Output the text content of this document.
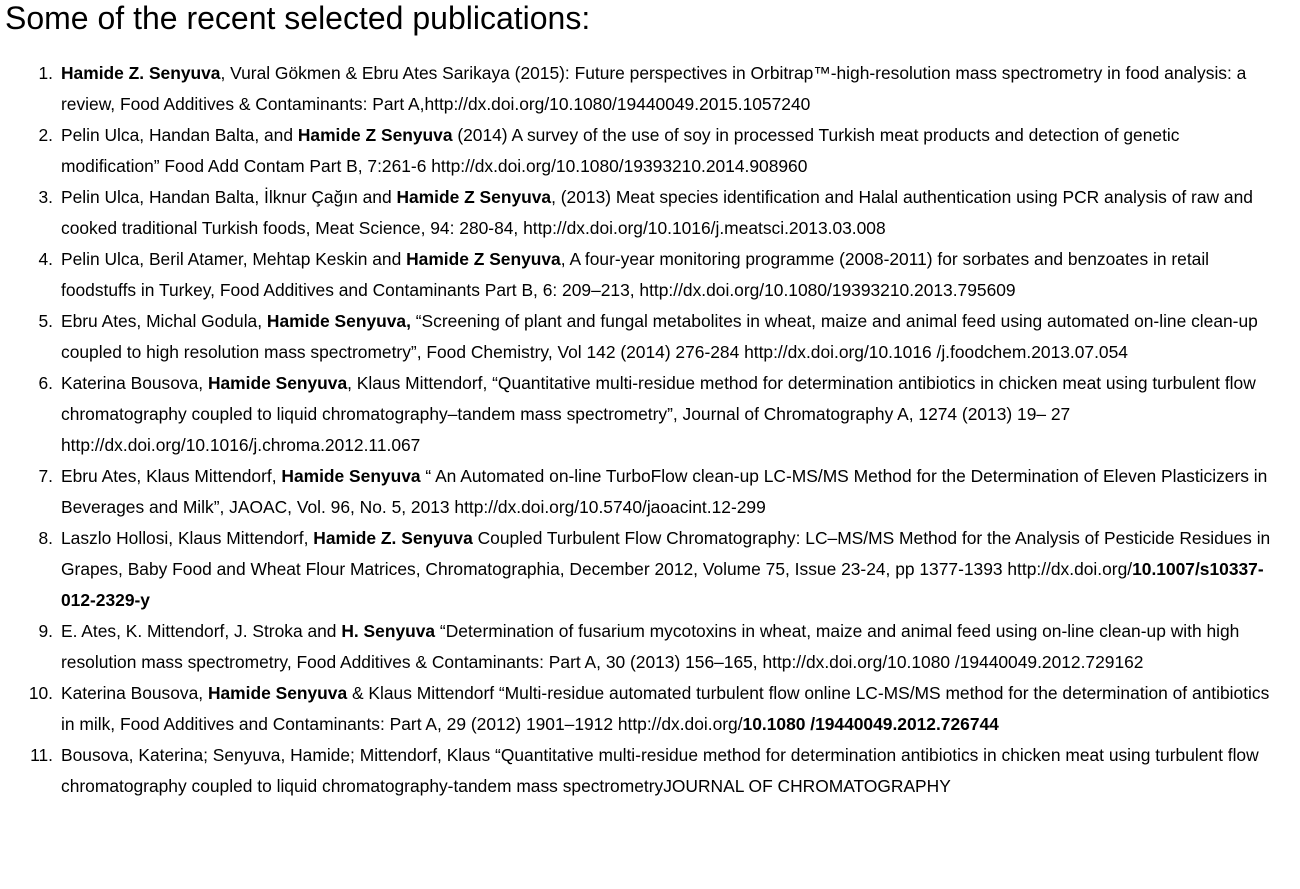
Some of the recent selected publications:
1. Hamide Z. Senyuva, Vural Gökmen & Ebru Ates Sarikaya (2015): Future perspectives in Orbitrap™-high-resolution mass spectrometry in food analysis: a review, Food Additives & Contaminants: Part A,http://dx.doi.org/10.1080/19440049.2015.1057240
2. Pelin Ulca, Handan Balta, and Hamide Z Senyuva (2014) A survey of the use of soy in processed Turkish meat products and detection of genetic modification” Food Add Contam Part B, 7:261-6 http://dx.doi.org/10.1080/19393210.2014.908960
3. Pelin Ulca, Handan Balta, İlknur Çağın and Hamide Z Senyuva, (2013) Meat species identification and Halal authentication using PCR analysis of raw and cooked traditional Turkish foods, Meat Science, 94: 280-84, http://dx.doi.org/10.1016/j.meatsci.2013.03.008
4. Pelin Ulca, Beril Atamer, Mehtap Keskin and Hamide Z Senyuva, A four-year monitoring programme (2008-2011) for sorbates and benzoates in retail foodstuffs in Turkey, Food Additives and Contaminants Part B, 6: 209–213, http://dx.doi.org/10.1080/19393210.2013.795609
5. Ebru Ates, Michal Godula, Hamide Senyuva, “Screening of plant and fungal metabolites in wheat, maize and animal feed using automated on-line clean-up coupled to high resolution mass spectrometry”, Food Chemistry, Vol 142 (2014) 276-284 http://dx.doi.org/10.1016 /j.foodchem.2013.07.054
6. Katerina Bousova, Hamide Senyuva, Klaus Mittendorf, “Quantitative multi-residue method for determination antibiotics in chicken meat using turbulent flow chromatography coupled to liquid chromatography–tandem mass spectrometry”, Journal of Chromatography A, 1274 (2013) 19– 27 http://dx.doi.org/10.1016/j.chroma.2012.11.067
7. Ebru Ates, Klaus Mittendorf, Hamide Senyuva “ An Automated on-line TurboFlow clean-up LC-MS/MS Method for the Determination of Eleven Plasticizers in Beverages and Milk”, JAOAC, Vol. 96, No. 5, 2013 http://dx.doi.org/10.5740/jaoacint.12-299
8. Laszlo Hollosi, Klaus Mittendorf, Hamide Z. Senyuva Coupled Turbulent Flow Chromatography: LC–MS/MS Method for the Analysis of Pesticide Residues in Grapes, Baby Food and Wheat Flour Matrices, Chromatographia, December 2012, Volume 75, Issue 23-24, pp 1377-1393 http://dx.doi.org/10.1007/s10337-012-2329-y
9. E. Ates, K. Mittendorf, J. Stroka and H. Senyuva “Determination of fusarium mycotoxins in wheat, maize and animal feed using on-line clean-up with high resolution mass spectrometry, Food Additives & Contaminants: Part A, 30 (2013) 156–165, http://dx.doi.org/10.1080 /19440049.2012.729162
10. Katerina Bousova, Hamide Senyuva & Klaus Mittendorf “Multi-residue automated turbulent flow online LC-MS/MS method for the determination of antibiotics in milk, Food Additives and Contaminants: Part A, 29 (2012) 1901–1912 http://dx.doi.org/10.1080 /19440049.2012.726744
11. Bousova, Katerina; Senyuva, Hamide; Mittendorf, Klaus “Quantitative multi-residue method for determination antibiotics in chicken meat using turbulent flow chromatography coupled to liquid chromatography-tandem mass spectrometryJOURNAL OF CHROMATOGRAPHY
